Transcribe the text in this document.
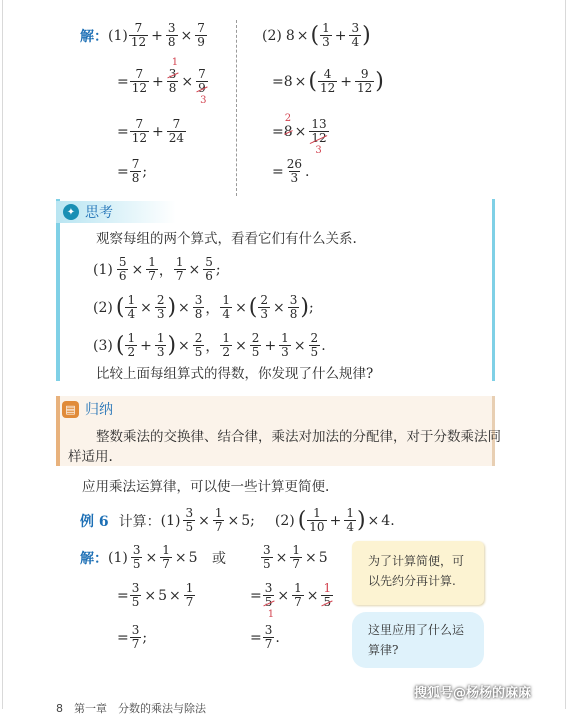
解： $(1) \frac{7}{12} + \frac{3}{8} \times \frac{7}{9}$
= $\frac{7}{12} + 3$
8
1
× 7
9
3
= $\frac{7}{12} + \frac{7}{24}$
= $\frac{7}{8}$ ;
(2) 8 × ( $\frac{1}{3} + \frac{3}{4}$ )
= 8 × ( $\frac{4}{12} + \frac{9}{12}$ )
= 8
2
× 13
12
3
= $\frac{26}{3}$ .
✦ 思考
观察每组的两个算式，看看它们有什么关系.
$(1) \frac{5}{6} \times \frac{1}{7}$ ， $\frac{1}{7} \times \frac{5}{6}$ ;
(2) ( $\frac{1}{4} \times \frac{2}{3}$ ) × $\frac{3}{8}$ ， $\frac{1}{4}$ × ( $\frac{2}{3} \times \frac{3}{8}$ ) ;
(3) ( $\frac{1}{2} + \frac{1}{3}$ ) × $\frac{2}{5}$ ， $\frac{1}{2} \times \frac{2}{5} + \frac{1}{3} \times \frac{2}{5}$ .
比较上面每组算式的得数，你发现了什么规律?
▤ 归纳
整数乘法的交换律、结合律，乘法对加法的分配律，对于分数乘法同
样适用.
应用乘法运算律，可以使一些计算更简便.
例 6 计算： $(1) \frac{3}{5} \times \frac{1}{7} \times 5$ ; (2) ( $\frac{1}{10} + \frac{1}{4}$ ) × 4 .
解： $(1) \frac{3}{5} \times \frac{1}{7} \times 5$ 或
= $\frac{3}{5} \times 5 \times \frac{1}{7}$
= $\frac{3}{7}$ ;
$\frac{3}{5} \times \frac{1}{7} \times 5$
= 3
5
1
× $\frac{1}{7} \times \frac{1}{5}$
= $\frac{3}{7}$ .
为了计算简便，可
以先约分再计算.
这里应用了什么运
算律?
8　第一章　分数的乘法与除法
搜狐号@杨杨的麻麻
